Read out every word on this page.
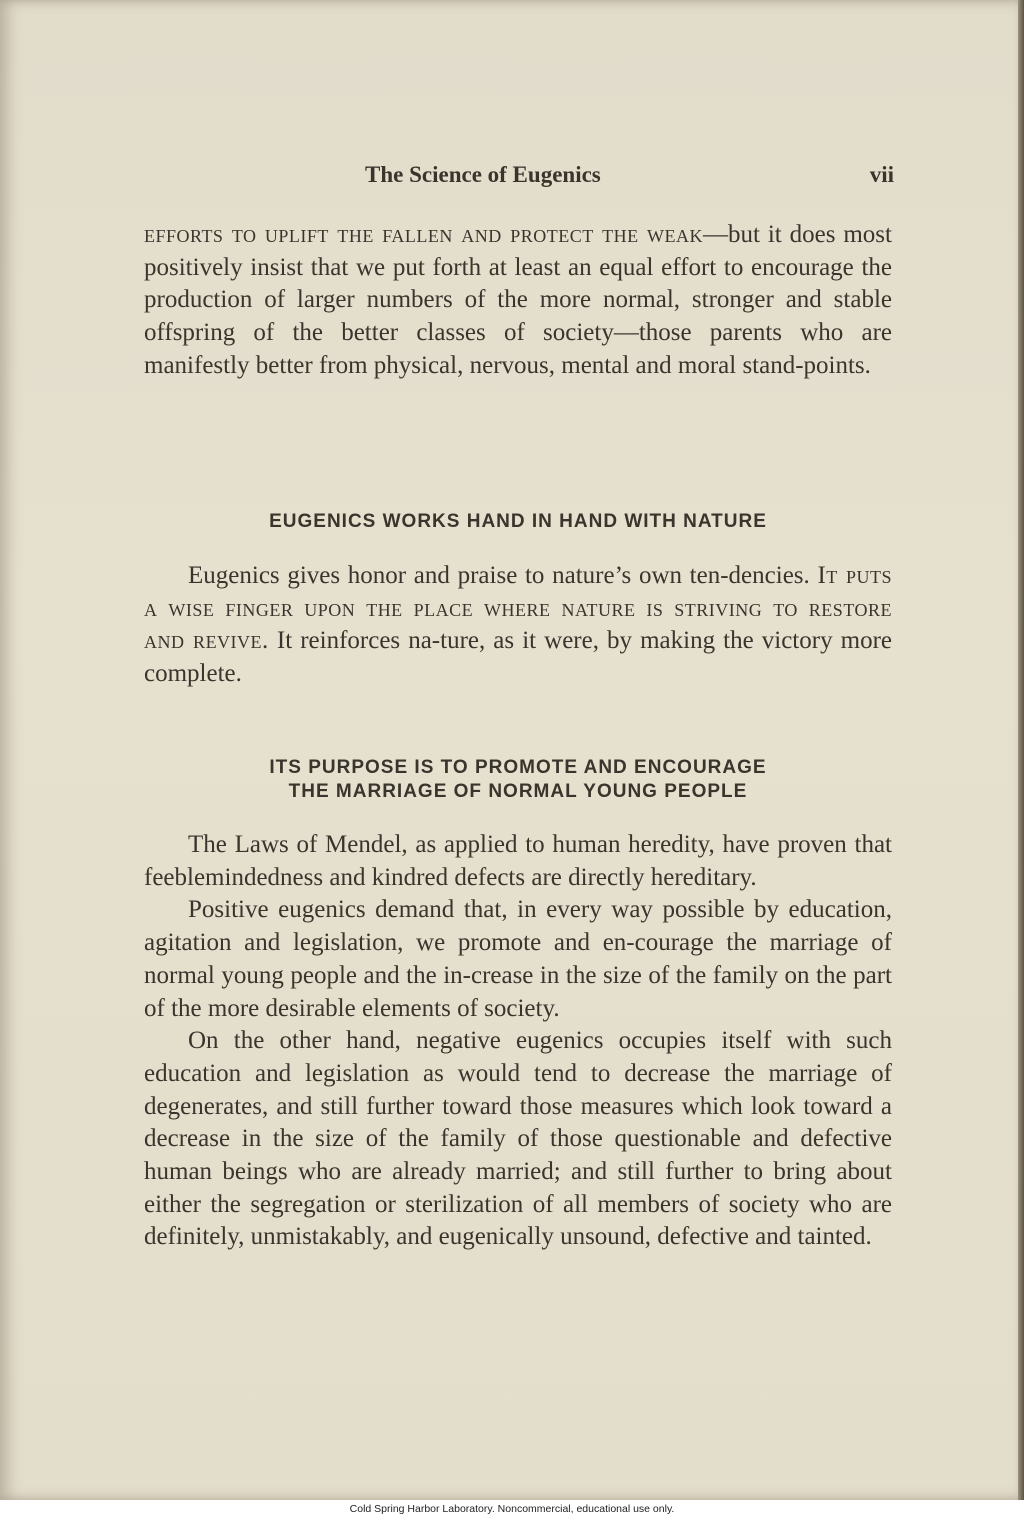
The Science of Eugenics	vii

efforts to uplift the fallen and protect the weak—but it does most positively insist that we put forth at least an equal effort to encourage the production of larger numbers of the more normal, stronger and stable offspring of the better classes of society—those parents who are manifestly better from physical, nervous, mental and moral stand-points.

EUGENICS WORKS HAND IN HAND WITH NATURE

Eugenics gives honor and praise to nature’s own ten-dencies. It puts a wise finger upon the place where nature is striving to restore and revive. It reinforces na-ture, as it were, by making the victory more complete.

ITS PURPOSE IS TO PROMOTE AND ENCOURAGE
THE MARRIAGE OF NORMAL YOUNG PEOPLE

The Laws of Mendel, as applied to human heredity, have proven that feeblemindedness and kindred defects are directly hereditary.

Positive eugenics demand that, in every way possible by education, agitation and legislation, we promote and en-courage the marriage of normal young people and the in-crease in the size of the family on the part of the more desirable elements of society.

On the other hand, negative eugenics occupies itself with such education and legislation as would tend to decrease the marriage of degenerates, and still further toward those measures which look toward a decrease in the size of the family of those questionable and defective human beings who are already married; and still further to bring about either the segregation or sterilization of all members of society who are definitely, unmistakably, and eugenically unsound, defective and tainted.

Cold Spring Harbor Laboratory. Noncommercial, educational use only.
